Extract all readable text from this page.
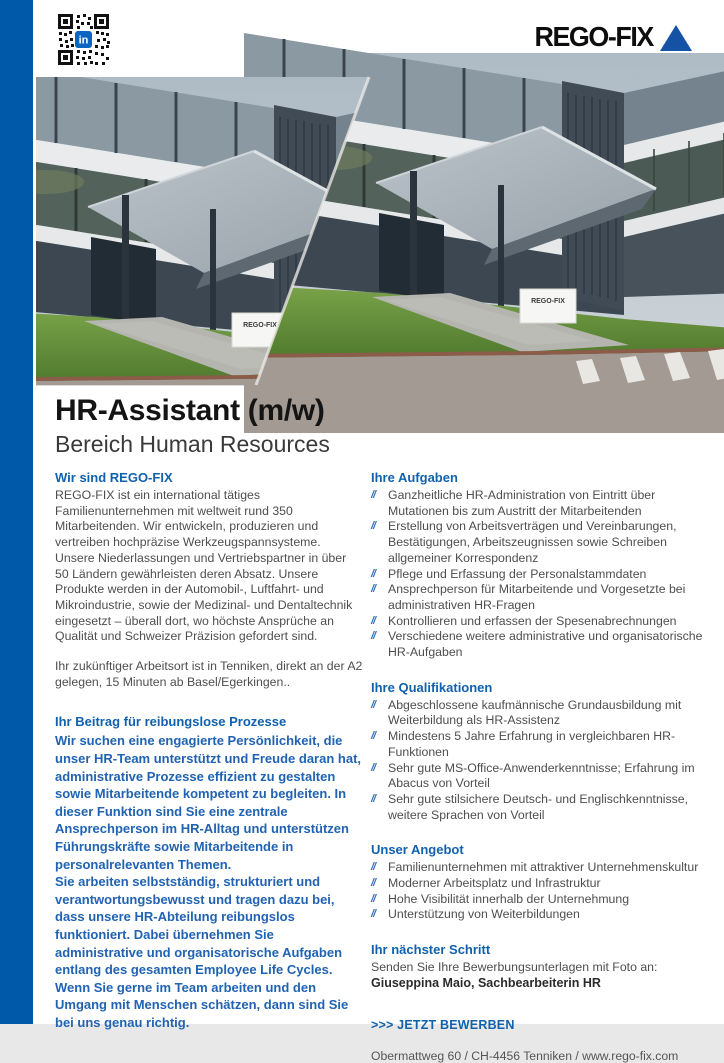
in	REGO-FIX
HR-Assistant (m/w)
Bereich Human Resources
Wir sind REGO-FIX

REGO-FIX ist ein international tätiges Familienunternehmen mit weltweit rund 350 Mitarbeitenden. Wir entwickeln, produzieren und vertreiben hochpräzise Werkzeugspannsysteme. Unsere Niederlassungen und Vertriebspartner in über 50 Ländern gewährleisten deren Absatz. Unsere Produkte werden in der Automobil-, Luftfahrt- und Mikroindustrie, sowie der Medizinal- und Dentaltechnik eingesetzt – überall dort, wo höchste Ansprüche an Qualität und Schweizer Präzision gefordert sind.

Ihr zukünftiger Arbeitsort ist in Tenniken, direkt an der A2 gelegen, 15 Minuten ab Basel/Egerkingen..

Ihr Beitrag für reibungslose Prozesse

Wir suchen eine engagierte Persönlichkeit, die unser HR-Team unterstützt und Freude daran hat, administrative Prozesse effizient zu gestalten sowie Mitarbeitende kompetent zu begleiten. In dieser Funktion sind Sie eine zentrale Ansprechperson im HR-Alltag und unterstützen Führungskräfte sowie Mitarbeitende in personalrelevanten Themen.

Sie arbeiten selbstständig, strukturiert und verantwortungsbewusst und tragen dazu bei, dass unsere HR-Abteilung reibungslos funktioniert. Dabei übernehmen Sie administrative und organisatorische Aufgaben entlang des gesamten Employee Life Cycles.

Wenn Sie gerne im Team arbeiten und den Umgang mit Menschen schätzen, dann sind Sie bei uns genau richtig.

Ihre Aufgaben
// Ganzheitliche HR-Administration von Eintritt über Mutationen bis zum Austritt der Mitarbeitenden
// Erstellung von Arbeitsverträgen und Vereinbarungen, Bestätigungen, Arbeitszeugnissen sowie Schreiben allgemeiner Korrespondenz
// Pflege und Erfassung der Personalstammdaten
// Ansprechperson für Mitarbeitende und Vorgesetzte bei administrativen HR-Fragen
// Kontrollieren und erfassen der Spesenabrechnungen
// Verschiedene weitere administrative und organisatorische HR-Aufgaben
Ihre Qualifikationen
// Abgeschlossene kaufmännische Grundausbildung mit Weiterbildung als HR-Assistenz
// Mindestens 5 Jahre Erfahrung in vergleichbaren HR-Funktionen
// Sehr gute MS-Office-Anwenderkenntnisse; Erfahrung im Abacus von Vorteil
// Sehr gute stilsichere Deutsch- und Englischkenntnisse, weitere Sprachen von Vorteil
Unser Angebot
// Familienunternehmen mit attraktiver Unternehmenskultur
// Moderner Arbeitsplatz und Infrastruktur
// Hohe Visibilität innerhalb der Unternehmung
// Unterstützung von Weiterbildungen
Ihr nächster Schritt

Senden Sie Ihre Bewerbungsunterlagen mit Foto an:

Giuseppina Maio, Sachbearbeiterin HR

>>> JETZT BEWERBEN

Obermattweg 60 / CH-4456 Tenniken / www.rego-fix.com
